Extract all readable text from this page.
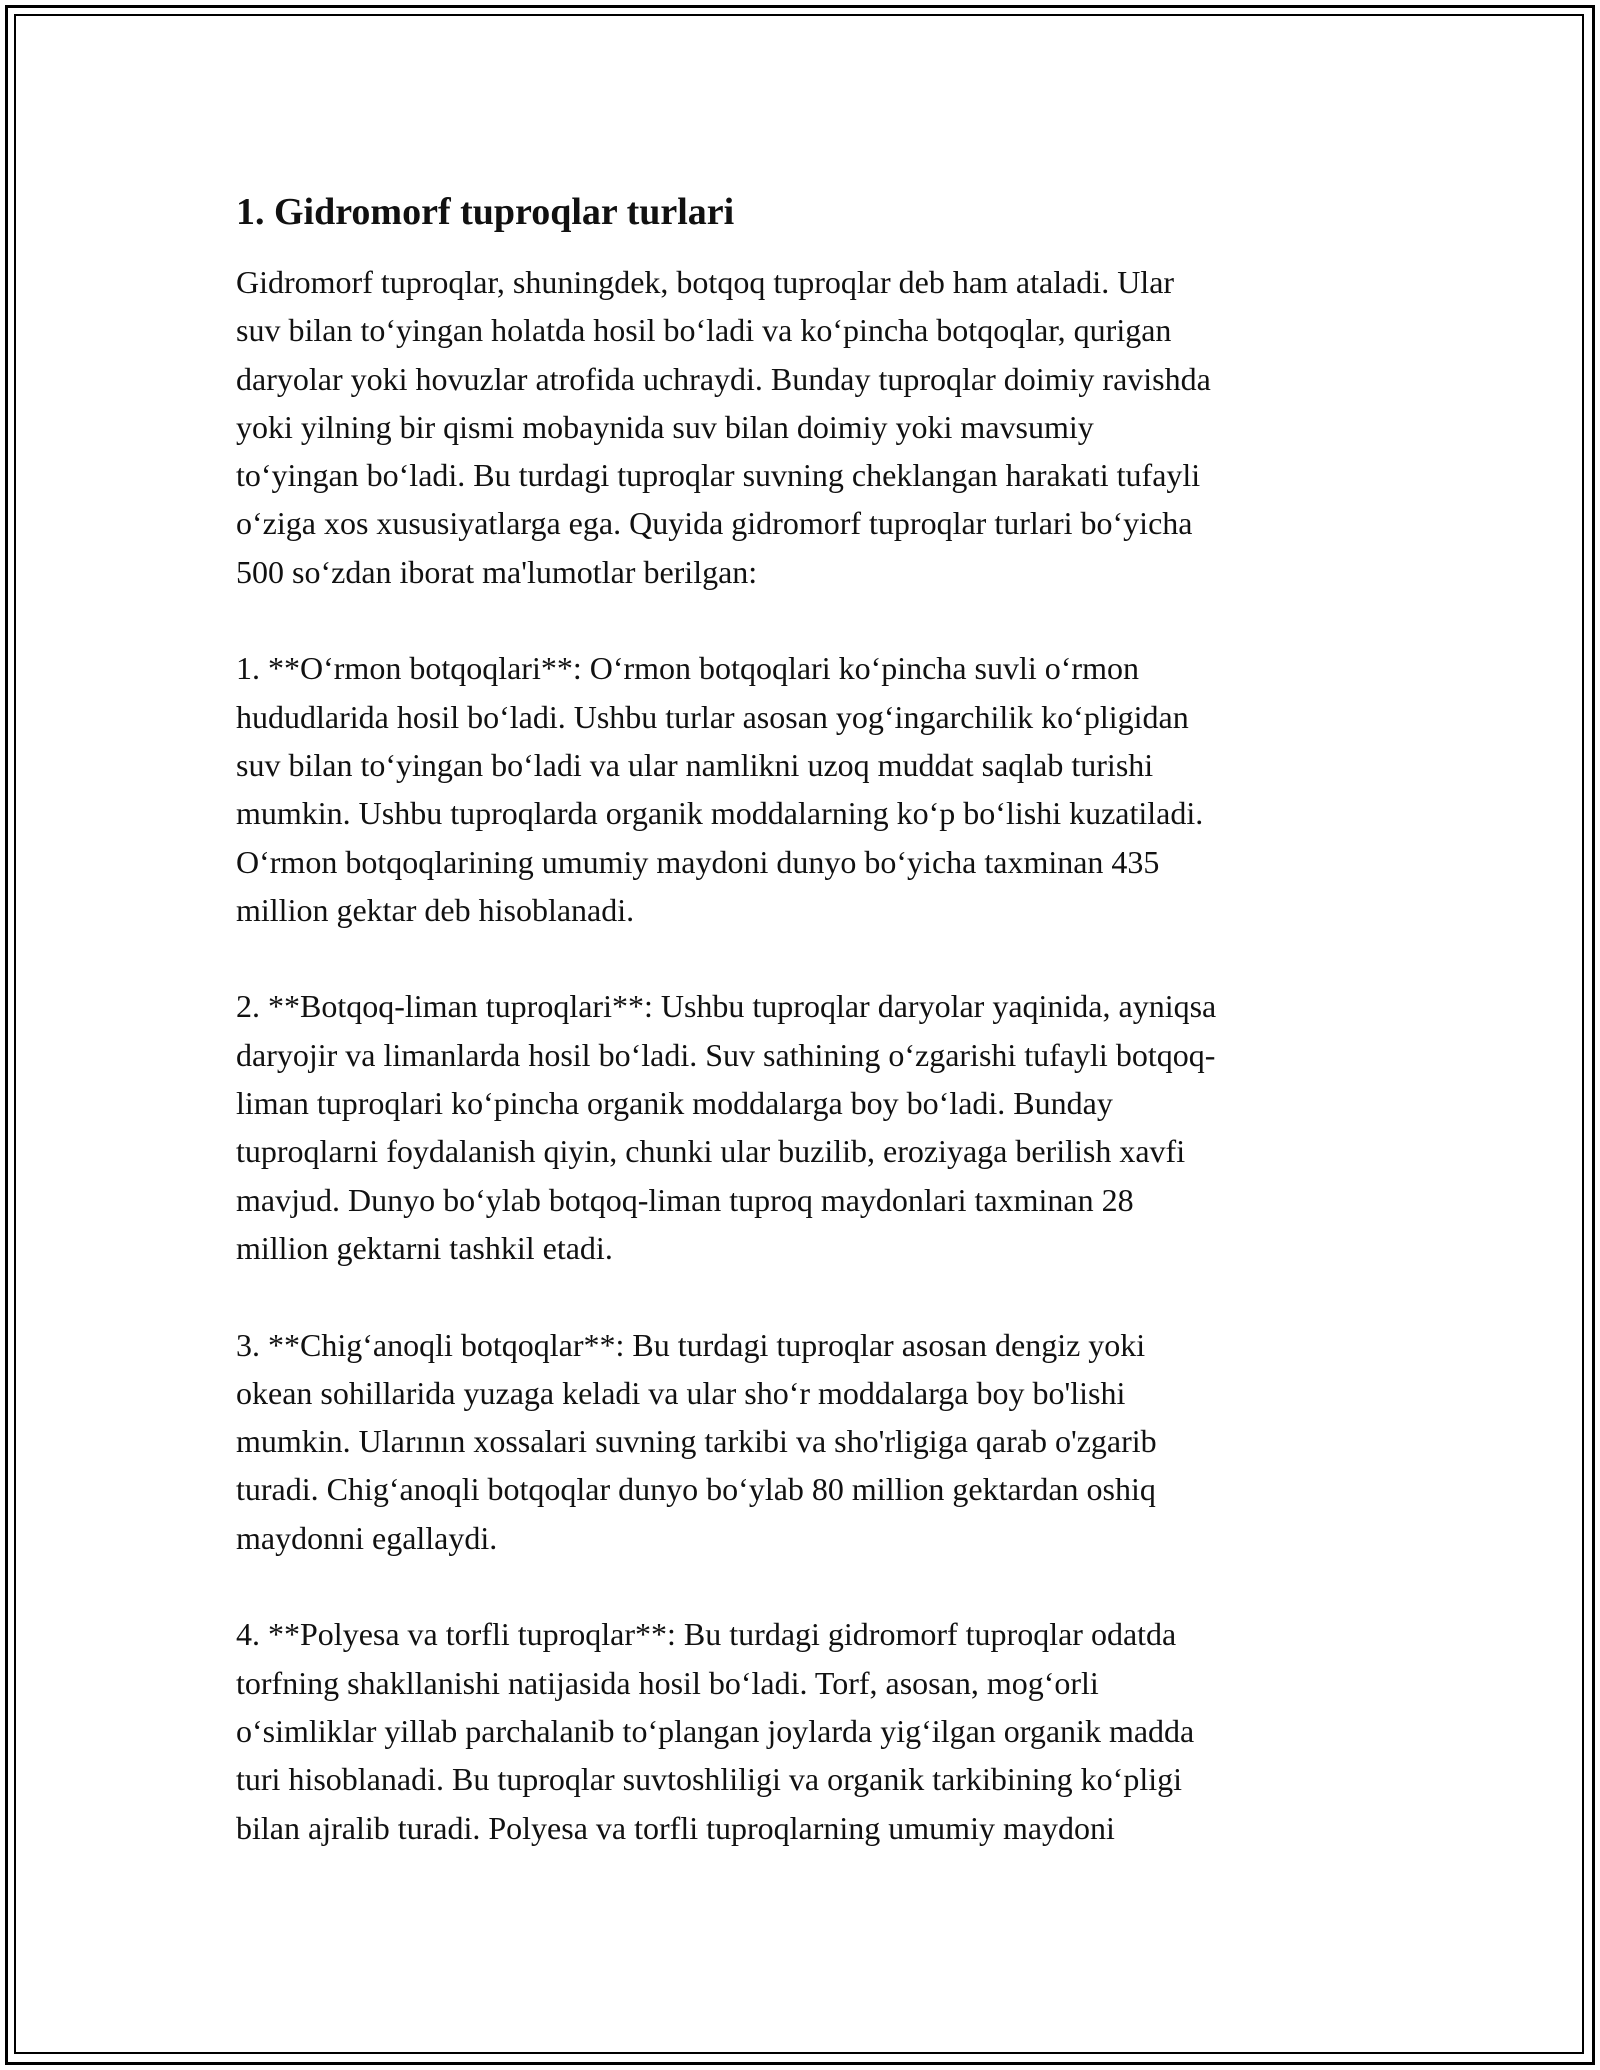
1. Gidromorf tuproqlar turlari
Gidromorf tuproqlar, shuningdek, botqoq tuproqlar deb ham ataladi. Ular
suv bilan to‘yingan holatda hosil bo‘ladi va ko‘pincha botqoqlar, qurigan
daryolar yoki hovuzlar atrofida uchraydi. Bunday tuproqlar doimiy ravishda
yoki yilning bir qismi mobaynida suv bilan doimiy yoki mavsumiy
to‘yingan bo‘ladi. Bu turdagi tuproqlar suvning cheklangan harakati tufayli
o‘ziga xos xususiyatlarga ega. Quyida gidromorf tuproqlar turlari bo‘yicha
500 so‘zdan iborat ma'lumotlar berilgan:
1. **O‘rmon botqoqlari**: O‘rmon botqoqlari ko‘pincha suvli o‘rmon
hududlarida hosil bo‘ladi. Ushbu turlar asosan yog‘ingarchilik ko‘pligidan
suv bilan to‘yingan bo‘ladi va ular namlikni uzoq muddat saqlab turishi
mumkin. Ushbu tuproqlarda organik moddalarning ko‘p bo‘lishi kuzatiladi.
O‘rmon botqoqlarining umumiy maydoni dunyo bo‘yicha taxminan 435
million gektar deb hisoblanadi.
2. **Botqoq-liman tuproqlari**: Ushbu tuproqlar daryolar yaqinida, ayniqsa
daryojir va limanlarda hosil bo‘ladi. Suv sathining o‘zgarishi tufayli botqoq-
liman tuproqlari ko‘pincha organik moddalarga boy bo‘ladi. Bunday
tuproqlarni foydalanish qiyin, chunki ular buzilib, eroziyaga berilish xavfi
mavjud. Dunyo bo‘ylab botqoq-liman tuproq maydonlari taxminan 28
million gektarni tashkil etadi.
3. **Chig‘anoqli botqoqlar**: Bu turdagi tuproqlar asosan dengiz yoki
okean sohillarida yuzaga keladi va ular sho‘r moddalarga boy bo'lishi
mumkin. Ularının xossalari suvning tarkibi va sho'rligiga qarab o'zgarib
turadi. Chig‘anoqli botqoqlar dunyo bo‘ylab 80 million gektardan oshiq
maydonni egallaydi.
4. **Polyesa va torfli tuproqlar**: Bu turdagi gidromorf tuproqlar odatda
torfning shakllanishi natijasida hosil bo‘ladi. Torf, asosan, mog‘orli
o‘simliklar yillab parchalanib to‘plangan joylarda yig‘ilgan organik madda
turi hisoblanadi. Bu tuproqlar suvtoshliligi va organik tarkibining ko‘pligi
bilan ajralib turadi. Polyesa va torfli tuproqlarning umumiy maydoni
